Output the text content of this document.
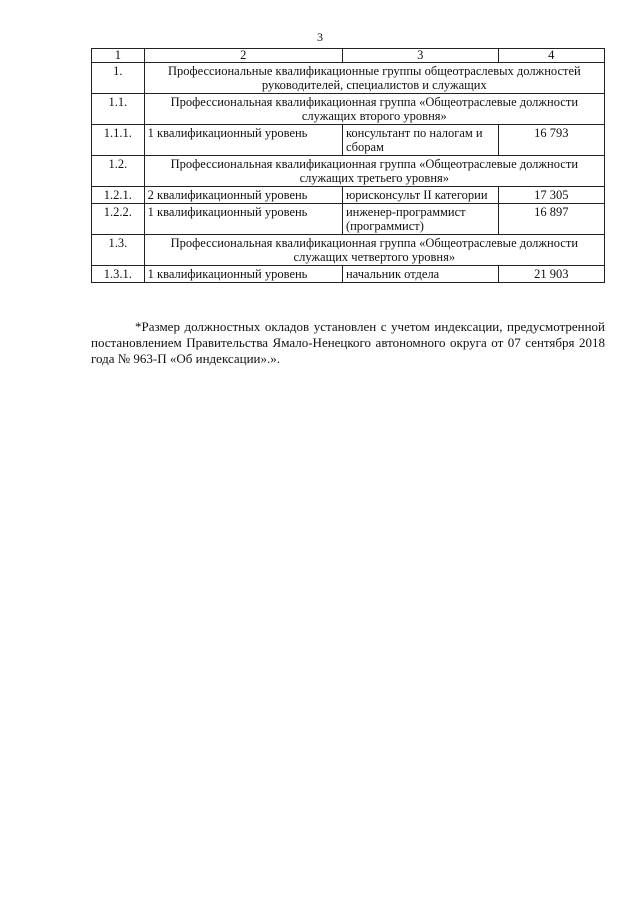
3
1	2	3	4
1.	Профессиональные квалификационные группы общеотраслевых должностей руководителей, специалистов и служащих		
1.1.	Профессиональная квалификационная группа «Общеотраслевые должности служащих второго уровня»		
1.1.1.	1 квалификационный уровень	консультант по налогам и сборам	16 793
1.2.	Профессиональная квалификационная группа «Общеотраслевые должности служащих третьего уровня»		
1.2.1.	2 квалификационный уровень	юрисконсульт II категории	17 305
1.2.2.	1 квалификационный уровень	инженер-программист (программист)	16 897
1.3.	Профессиональная квалификационная группа «Общеотраслевые должности служащих четвертого уровня»		
1.3.1.	1 квалификационный уровень	начальник отдела	21 903

*Размер должностных окладов установлен с учетом индексации, предусмотренной постановлением Правительства Ямало-Ненецкого автономного округа от 07 сентября 2018 года № 963-П «Об индексации».».
